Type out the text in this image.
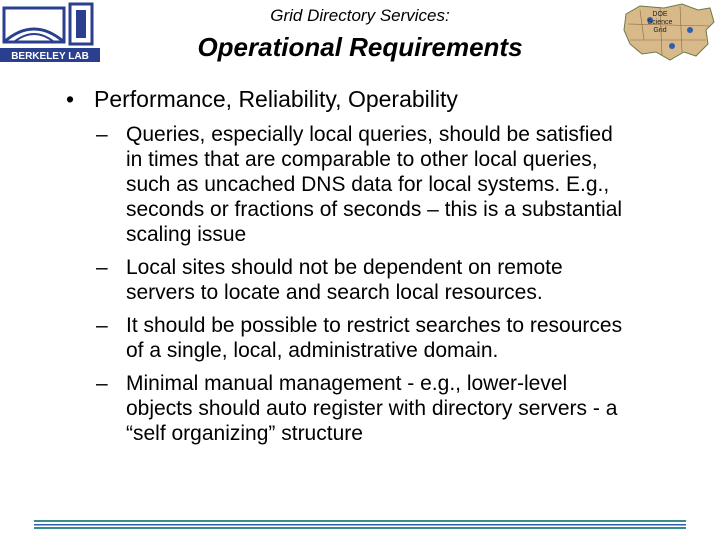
BERKELEY LAB
DOE
Science
Grid
Grid Directory Services:
Operational Requirements
• Performance, Reliability, Operability
– Queries, especially local queries, should be satisfied
in times that are comparable to other local queries,
such as uncached DNS data for local systems. E.g.,
seconds or fractions of seconds – this is a substantial
scaling issue
– Local sites should not be dependent on remote
servers to locate and search local resources.
– It should be possible to restrict searches to resources
of a single, local, administrative domain.
– Minimal manual management - e.g., lower-level
objects should auto register with directory servers - a
“self organizing” structure
